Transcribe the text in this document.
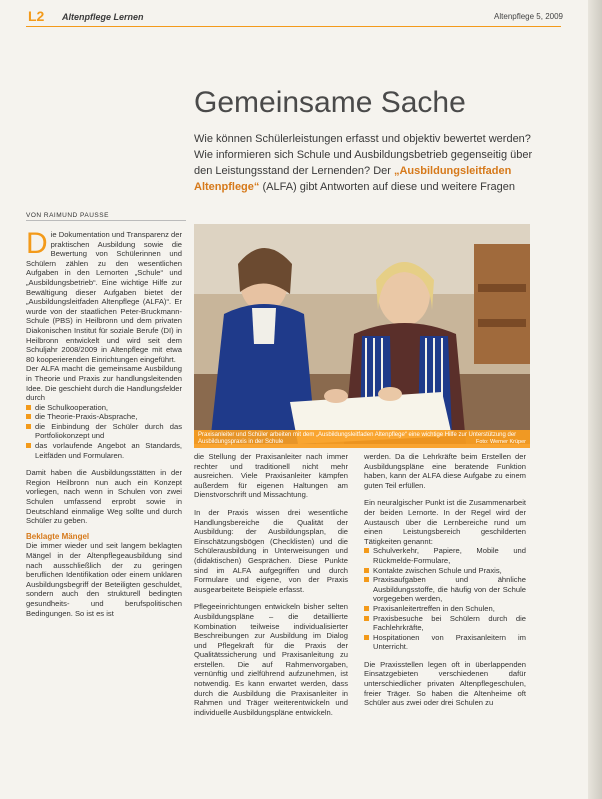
L2 Altenpflege Lernen	Altenpflege 5, 2009
Gemeinsame Sache
Wie können Schülerleistungen erfasst und objektiv bewertet werden? Wie informieren sich Schule und Ausbildungsbetrieb gegenseitig über den Leistungsstand der Lernenden? Der „Ausbildungsleitfaden Altenpflege“ (ALFA) gibt Antworten auf diese und weitere Fragen
VON RAIMUND PAUSSE
Praxisanleiter und Schüler arbeiten mit dem „Ausbildungsleitfaden Altenpflege“ eine wichtige Hilfe zur Unterstützung der Ausbildungspraxis in der Schule	Foto: Werner Krüper

Die Dokumentation und Transparenz der praktischen Ausbildung sowie die Bewertung von Schülerinnen und Schülern zählen zu den wesentlichen Aufgaben in den Lernorten „Schule“ und „Ausbildungsbetrieb“. Eine wichtige Hilfe zur Bewältigung dieser Aufgaben bietet der „Ausbildungsleitfaden Altenpflege (ALFA)“. Er wurde von der staatlichen Peter-Bruckmann-Schule (PBS) in Heilbronn und dem privaten Diakonischen Institut für soziale Berufe (DI) in Heilbronn entwickelt und wird seit dem Schuljahr 2008/2009 in Altenpflege mit etwa 80 kooperierenden Einrichtungen eingeführt.

Der ALFA macht die gemeinsame Ausbildung in Theorie und Praxis zur handlungsleitenden Idee. Die geschieht durch die Handlungsfelder durch

die Schulkooperation,
die Theorie-Praxis-Absprache,
die Einbindung der Schüler durch das Portfoliokonzept und
das vorlaufende Angebot an Standards, Leitfäden und Formularen.

Damit haben die Ausbildungsstätten in der Region Heilbronn nun auch ein Konzept vorliegen, nach wenn in Schulen von zwei Schulen umfassend erprobt sowie in Deutschland einmalige Weg sollte und durch Schüler zu geben.

Beklagte Mängel

Die immer wieder und seit langem beklagten Mängel in der Altenpflegeausbildung sind nach ausschließlich der zu geringen beruflichen Identifikation oder einem unklaren Ausbildungsbegriff der Beteiligten geschuldet, sondern auch den strukturell bedingten gesundheits- und berufspolitischen Bedingungen. So ist es ist

die Stellung der Praxisanleiter nach immer rechter und traditionell nicht mehr ausreichen. Viele Praxisanleiter kämpfen außerdem für eigenen Haltungen am Dienstvorschrift und Missachtung.

In der Praxis wissen drei wesentliche Handlungsbereiche die Qualität der Ausbildung: der Ausbildungsplan, die Einschätzungsbögen (Checklisten) und die Schülerausbildung in Unterweisungen und (didaktischen) Gesprächen. Diese Punkte sind im ALFA aufgegriffen und durch Formulare und eigene, von der Praxis ausgearbeitete Beispiele erfasst.

Pflegeeinrichtungen entwickeln bisher selten Ausbildungspläne – die detaillierte Kombination teilweise individualisierter Beschreibungen zur Ausbildung im Dialog und Pflegekraft für die Praxis der Qualitätssicherung und Praxisanleitung zu erstellen. Die auf Rahmenvorgaben, vernünftig und zielführend aufzunehmen, ist notwendig. Es kann erwartet werden, dass durch die Ausbildung die Praxisanleiter in Rahmen und Träger weiterentwickeln und individuelle Ausbildungspläne entwickeln.

werden. Da die Lehrkräfte beim Erstellen der Ausbildungspläne eine beratende Funktion haben, kann der ALFA diese Aufgabe zu einem guten Teil erfüllen.

Ein neuralgischer Punkt ist die Zusammenarbeit der beiden Lernorte. In der Regel wird der Austausch über die Lernbereiche rund um einen Leistungsbereich geschilderten Tätigkeiten genannt:

Schulverkehr, Papiere, Mobile und Rückmelde-Formulare,
Kontakte zwischen Schule und Praxis,
Praxisaufgaben und ähnliche Ausbildungsstoffe, die häufig von der Schule vorgegeben werden,
Praxisanleitertreffen in den Schulen,
Praxisbesuche bei Schülern durch die Fachlehrkräfte,
Hospitationen von Praxisanleitern im Unterricht.

Die Praxisstellen legen oft in überlappenden Einsatzgebieten verschiedenen dafür unterschiedlicher privaten Altenpflegeschulen, freier Träger. So haben die Altenheime oft Schüler aus zwei oder drei Schulen zu
